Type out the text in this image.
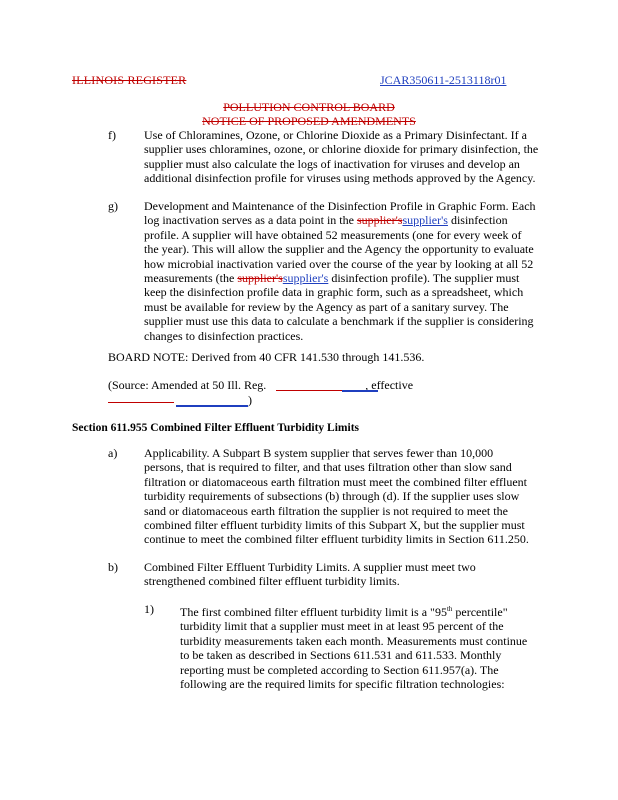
ILLINOIS REGISTER	JCAR350611-2513118r01
POLLUTION CONTROL BOARD
NOTICE OF PROPOSED AMENDMENTS
f) Use of Chloramines, Ozone, or Chlorine Dioxide as a Primary Disinfectant. If a
supplier uses chloramines, ozone, or chlorine dioxide for primary disinfection, the
supplier must also calculate the logs of inactivation for viruses and develop an
additional disinfection profile for viruses using methods approved by the Agency.
g) Development and Maintenance of the Disinfection Profile in Graphic Form. Each
log inactivation serves as a data point in the supplier'ssupplier's disinfection
profile. A supplier will have obtained 52 measurements (one for every week of
the year). This will allow the supplier and the Agency the opportunity to evaluate
how microbial inactivation varied over the course of the year by looking at all 52
measurements (the supplier'ssupplier's disinfection profile). The supplier must
keep the disinfection profile data in graphic form, such as a spreadsheet, which
must be available for review by the Agency as part of a sanitary survey. The
supplier must use this data to calculate a benchmark if the supplier is considering
changes to disinfection practices.
BOARD NOTE: Derived from 40 CFR 141.530 through 141.536.
(Source: Amended at 50 Ill. Reg.	, effective
)
Section 611.955 Combined Filter Effluent Turbidity Limits
a) Applicability. A Subpart B system supplier that serves fewer than 10,000
persons, that is required to filter, and that uses filtration other than slow sand
filtration or diatomaceous earth filtration must meet the combined filter effluent
turbidity requirements of subsections (b) through (d). If the supplier uses slow
sand or diatomaceous earth filtration the supplier is not required to meet the
combined filter effluent turbidity limits of this Subpart X, but the supplier must
continue to meet the combined filter effluent turbidity limits in Section 611.250.
b) Combined Filter Effluent Turbidity Limits. A supplier must meet two
strengthened combined filter effluent turbidity limits.
1) The first combined filter effluent turbidity limit is a "95th percentile"
turbidity limit that a supplier must meet in at least 95 percent of the
turbidity measurements taken each month. Measurements must continue
to be taken as described in Sections 611.531 and 611.533. Monthly
reporting must be completed according to Section 611.957(a). The
following are the required limits for specific filtration technologies:
